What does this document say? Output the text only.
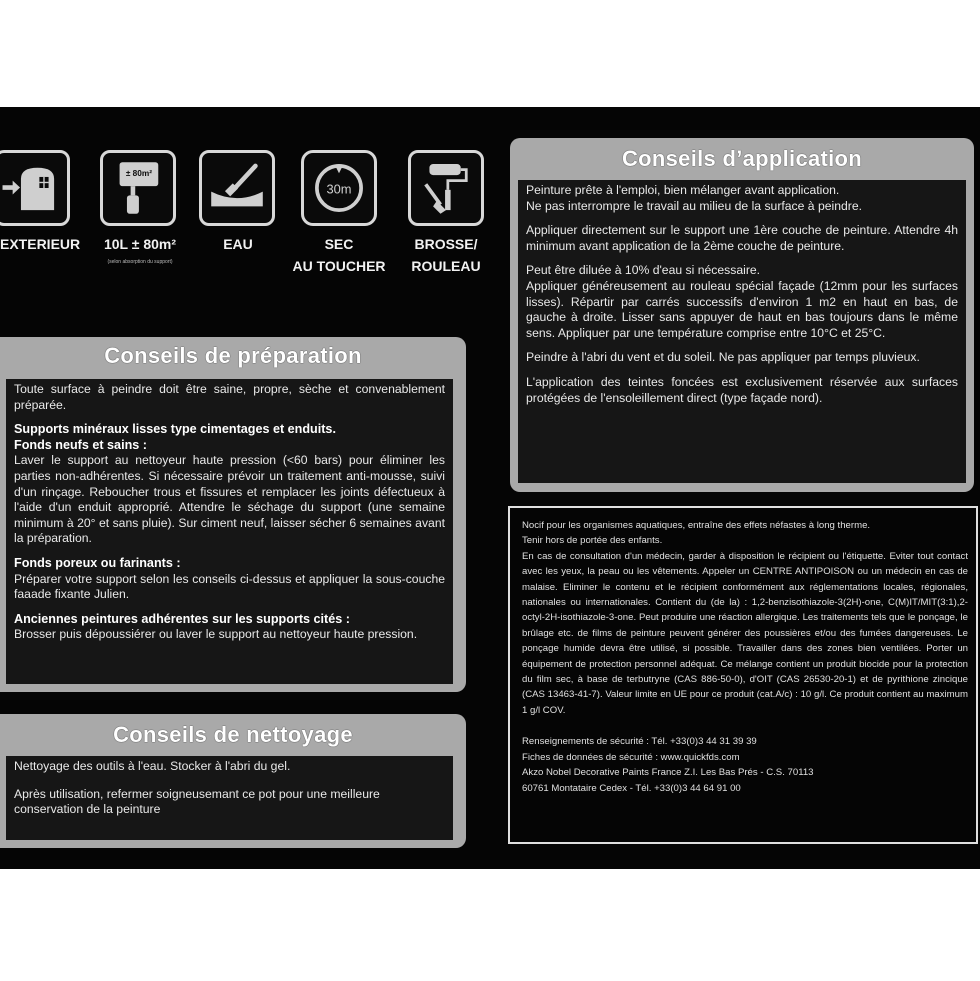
EXTERIEUR
± 80m²
10L ± 80m²
(selon absorption du support)
EAU
30m
SEC
AU TOUCHER
BROSSE/
ROULEAU
Conseils de préparation

Toute surface à peindre doit être saine, propre, sèche et convenablement préparée.

Supports minéraux lisses type cimentages et enduits.

Fonds neufs et sains :

Laver le support au nettoyeur haute pression (<60 bars) pour éliminer les parties non-adhérentes. Si nécessaire prévoir un traitement anti-mousse, suivi d'un rinçage. Reboucher trous et fissures et remplacer les joints défectueux à l'aide d'un enduit approprié. Attendre le séchage du support (une semaine minimum à 20° et sans pluie). Sur ciment neuf, laisser sécher 6 semaines avant la préparation.

Fonds poreux ou farinants :

Préparer votre support selon les conseils ci-dessus et appliquer la sous-couche faaade fixante Julien.

Anciennes peintures adhérentes sur les supports cités :

Brosser puis dépoussiérer ou laver le support au nettoyeur haute pression.

Conseils de nettoyage

Nettoyage des outils à l'eau. Stocker à l'abri du gel.

Après utilisation, refermer soigneusemant ce pot pour une meilleure conservation de la peinture

Conseils d’application

Peinture prête à l'emploi, bien mélanger avant application.

Ne pas interrompre le travail au milieu de la surface à peindre.

Appliquer directement sur le support une 1ère couche de peinture. Attendre 4h minimum avant application de la 2ème couche de peinture.

Peut être diluée à 10% d'eau si nécessaire.

Appliquer généreusement au rouleau spécial façade (12mm pour les surfaces lisses). Répartir par carrés successifs d'environ 1 m2 en haut en bas, de gauche à droite. Lisser sans appuyer de haut en bas toujours dans le même sens. Appliquer par une température comprise entre 10°C et 25°C.

Peindre à l'abri du vent et du soleil. Ne pas appliquer par temps pluvieux.

L'application des teintes foncées est exclusivement réservée aux surfaces protégées de l'ensoleillement direct (type façade nord).

Nocif pour les organismes aquatiques, entraîne des effets néfastes à long therme.

Tenir hors de portée des enfants.

En cas de consultation d'un médecin, garder à disposition le récipient ou l'étiquette. Eviter tout contact avec les yeux, la peau ou les vêtements. Appeler un CENTRE ANTIPOISON ou un médecin en cas de malaise. Eliminer le contenu et le récipient conformément aux réglementations locales, régionales, nationales ou internationales. Contient du (de la) : 1,2-benzisothiazole-3(2H)-one, C(M)IT/MIT(3:1),2-octyl-2H-isothiazole-3-one. Peut produire une réaction allergique. Les traitements tels que le ponçage, le brûlage etc. de films de peinture peuvent générer des poussières et/ou des fumées dangereuses. Le ponçage humide devra être utilisé, si possible. Travailler dans des zones bien ventilées. Porter un équipement de protection personnel adéquat. Ce mélange contient un produit biocide pour la protection du film sec, à base de terbutryne (CAS 886-50-0), d'OIT (CAS 26530-20-1) et de pyrithione zincique (CAS 13463-41-7). Valeur limite en UE pour ce produit (cat.A/c) : 10 g/l. Ce produit contient au maximum 1 g/l COV.

Renseignements de sécurité : Tél. +33(0)3 44 31 39 39

Fiches de données de sécurité : www.quickfds.com

Akzo Nobel Decorative Paints France Z.I. Les Bas Prés - C.S. 70113

60761 Montataire Cedex - Tél. +33(0)3 44 64 91 00
